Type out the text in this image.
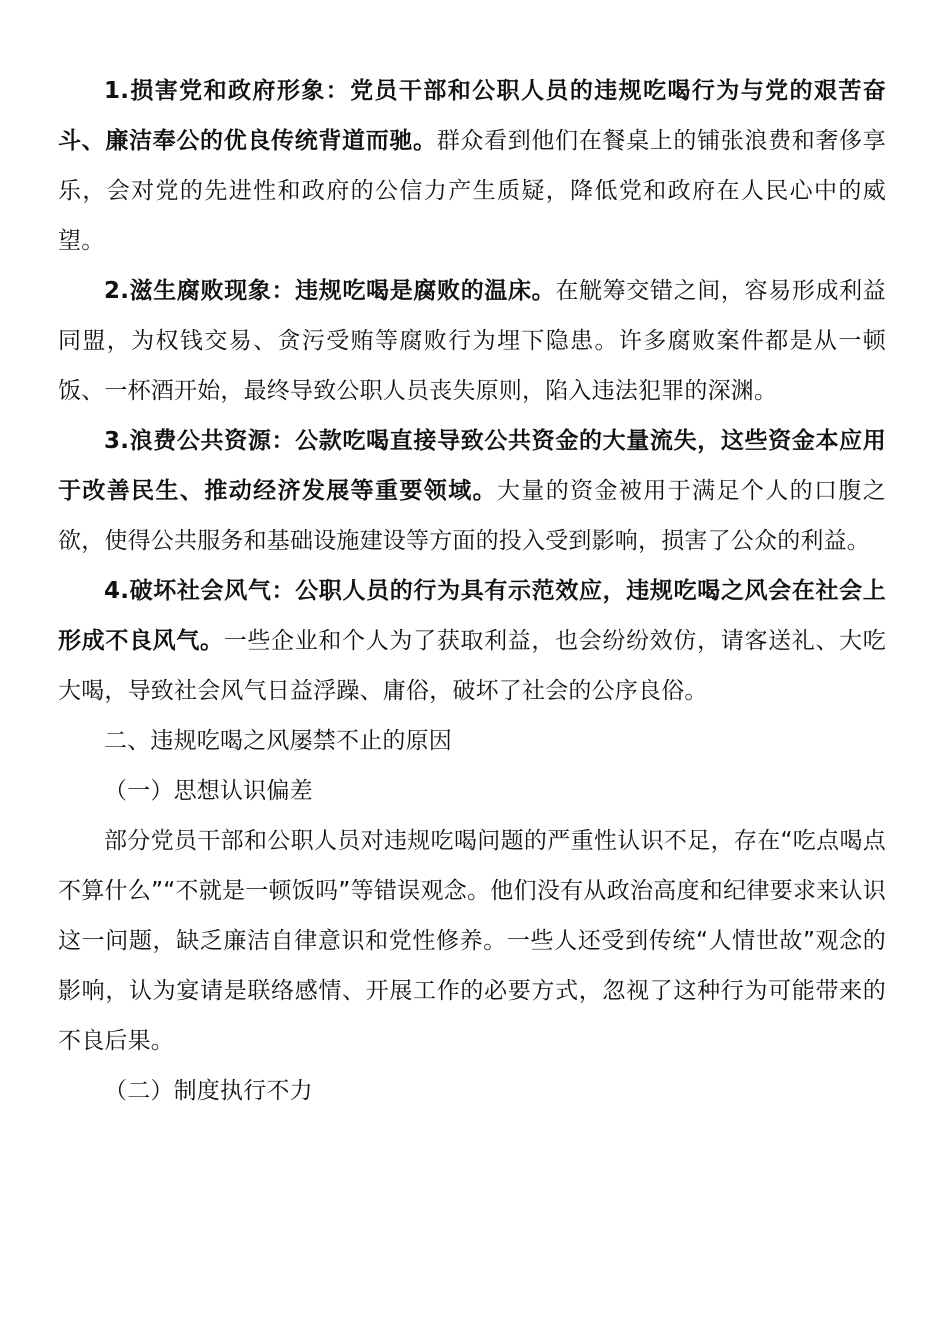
1.损害党和政府形象：党员干部和公职人员的违规吃喝行为与党的艰苦奋斗、廉洁奉公的优良传统背道而驰。群众看到他们在餐桌上的铺张浪费和奢侈享乐，会对党的先进性和政府的公信力产生质疑，降低党和政府在人民心中的威望。

2.滋生腐败现象：违规吃喝是腐败的温床。在觥筹交错之间，容易形成利益同盟，为权钱交易、贪污受贿等腐败行为埋下隐患。许多腐败案件都是从一顿饭、一杯酒开始，最终导致公职人员丧失原则，陷入违法犯罪的深渊。

3.浪费公共资源：公款吃喝直接导致公共资金的大量流失，这些资金本应用于改善民生、推动经济发展等重要领域。大量的资金被用于满足个人的口腹之欲，使得公共服务和基础设施建设等方面的投入受到影响，损害了公众的利益。

4.破坏社会风气：公职人员的行为具有示范效应，违规吃喝之风会在社会上形成不良风气。一些企业和个人为了获取利益，也会纷纷效仿，请客送礼、大吃大喝，导致社会风气日益浮躁、庸俗，破坏了社会的公序良俗。

二、违规吃喝之风屡禁不止的原因

（一）思想认识偏差

部分党员干部和公职人员对违规吃喝问题的严重性认识不足，存在“吃点喝点不算什么”“不就是一顿饭吗”等错误观念。他们没有从政治高度和纪律要求来认识这一问题，缺乏廉洁自律意识和党性修养。一些人还受到传统“人情世故”观念的影响，认为宴请是联络感情、开展工作的必要方式，忽视了这种行为可能带来的不良后果。

（二）制度执行不力
